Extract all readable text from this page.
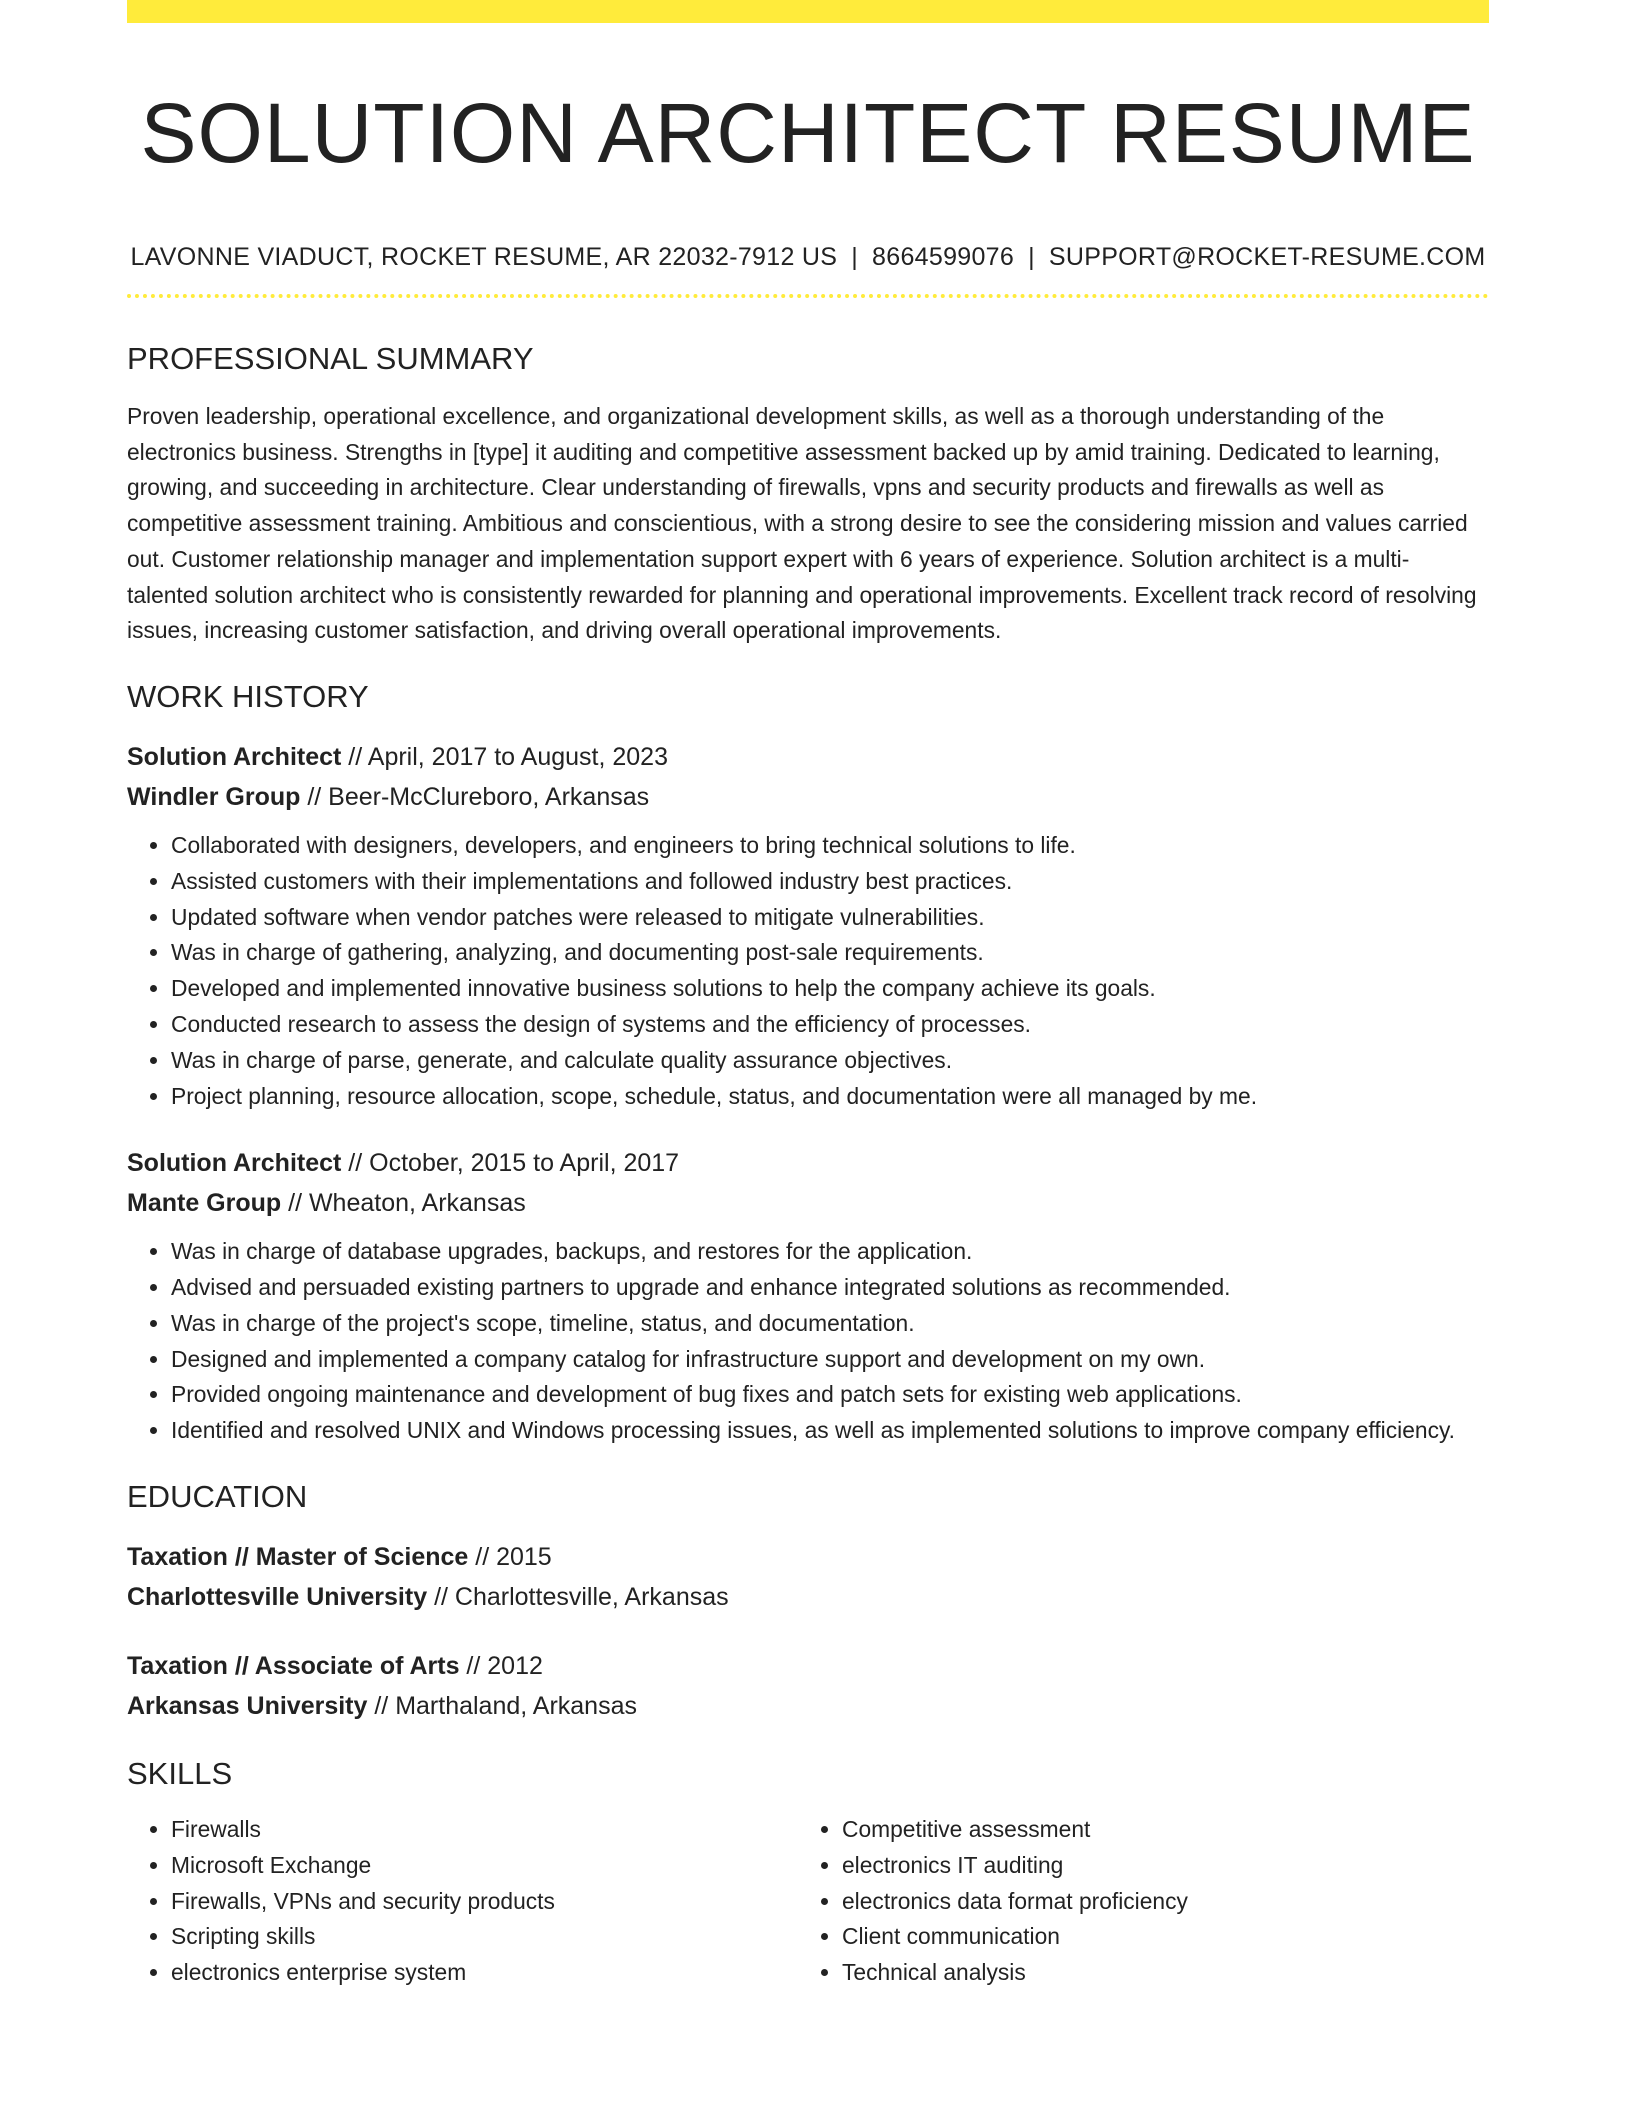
SOLUTION ARCHITECT RESUME
LAVONNE VIADUCT, ROCKET RESUME, AR 22032-7912 US | 8664599076 | SUPPORT@ROCKET-RESUME.COM
PROFESSIONAL SUMMARY
Proven leadership, operational excellence, and organizational development skills, as well as a thorough understanding of the electronics business. Strengths in [type] it auditing and competitive assessment backed up by amid training. Dedicated to learning, growing, and succeeding in architecture. Clear understanding of firewalls, vpns and security products and firewalls as well as competitive assessment training. Ambitious and conscientious, with a strong desire to see the considering mission and values carried out. Customer relationship manager and implementation support expert with 6 years of experience. Solution architect is a multi-talented solution architect who is consistently rewarded for planning and operational improvements. Excellent track record of resolving issues, increasing customer satisfaction, and driving overall operational improvements.
WORK HISTORY
Solution Architect // April, 2017 to August, 2023
Windler Group // Beer-McClureboro, Arkansas
• Collaborated with designers, developers, and engineers to bring technical solutions to life.
• Assisted customers with their implementations and followed industry best practices.
• Updated software when vendor patches were released to mitigate vulnerabilities.
• Was in charge of gathering, analyzing, and documenting post-sale requirements.
• Developed and implemented innovative business solutions to help the company achieve its goals.
• Conducted research to assess the design of systems and the efficiency of processes.
• Was in charge of parse, generate, and calculate quality assurance objectives.
• Project planning, resource allocation, scope, schedule, status, and documentation were all managed by me.
Solution Architect // October, 2015 to April, 2017
Mante Group // Wheaton, Arkansas
• Was in charge of database upgrades, backups, and restores for the application.
• Advised and persuaded existing partners to upgrade and enhance integrated solutions as recommended.
• Was in charge of the project's scope, timeline, status, and documentation.
• Designed and implemented a company catalog for infrastructure support and development on my own.
• Provided ongoing maintenance and development of bug fixes and patch sets for existing web applications.
• Identified and resolved UNIX and Windows processing issues, as well as implemented solutions to improve company efficiency.
EDUCATION
Taxation // Master of Science // 2015
Charlottesville University // Charlottesville, Arkansas
Taxation // Associate of Arts // 2012
Arkansas University // Marthaland, Arkansas
SKILLS
• Firewalls
• Microsoft Exchange
• Firewalls, VPNs and security products
• Scripting skills
• electronics enterprise system
• Competitive assessment
• electronics IT auditing
• electronics data format proficiency
• Client communication
• Technical analysis
